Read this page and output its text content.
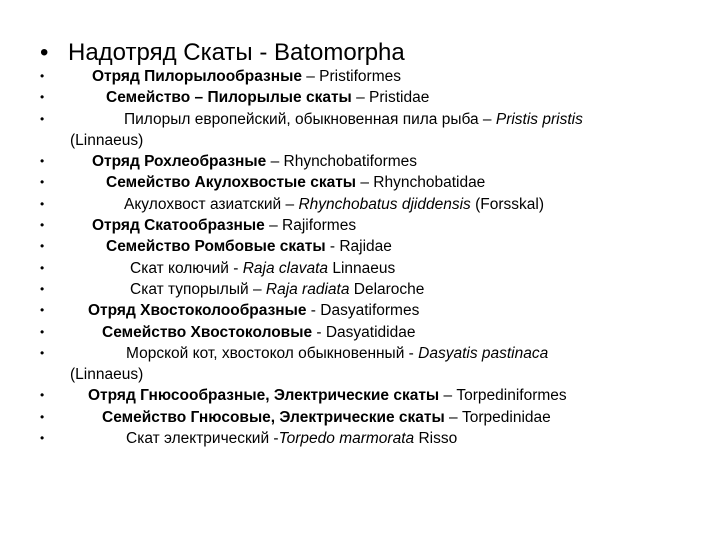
• Надотряд Скаты - Batomorpha
•	Отряд Пилорылообразные – Pristiformes
•	Семейство – Пилорылые скаты – Pristidae
•	Пилорыл европейский, обыкновенная пила рыба – Pristis pristis
(Linnaeus)
•	Отряд Рохлеобразные – Rhynchobatiformes
•	Семейство Акулохвостые скаты – Rhynchobatidae
•	Акулохвост азиатский – Rhynchobatus djiddensis (Forsskal)
•	Отряд Скатообразные – Rajiformes
•	Семейство Ромбовые скаты - Rajidae
•	Скат колючий - Raja clavata Linnaeus
•	Скат тупорылый – Raja radiata Delaroche
•	Отряд Хвостоколообразные - Dasyatiformes
•	Семейство Хвостоколовые - Dasyatididae
•	Морской кот, хвостокол обыкновенный - Dasyatis pastinaca
(Linnaeus)
•	Отряд Гнюсообразные, Электрические скаты – Torpediniformes
•	Семейство Гнюсовые, Электрические скаты – Torpedinidae
•	Скат электрический -Torpedo marmorata Risso
